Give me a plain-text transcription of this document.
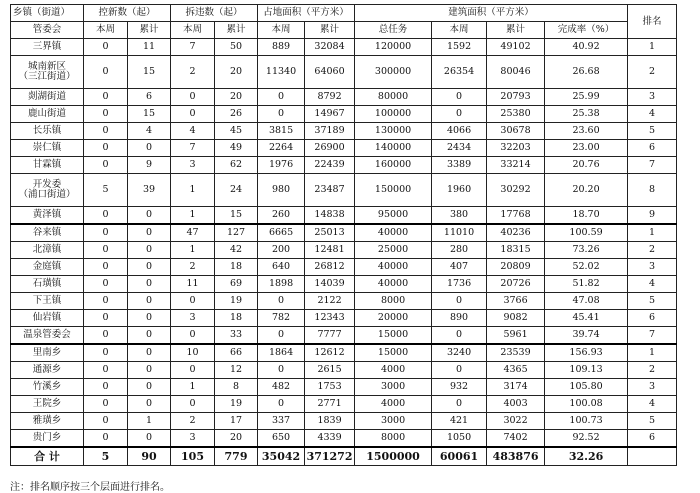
乡镇（街道）	控新数（起）		拆违数（起）		占地面积（平方米）		建筑面积（平方米）				排名
管委会	本周	累计	本周	累计	本周	累计	总任务	本周	累计	完成率（%）	
三界镇	0	11	7	50	889	32084	120000	1592	49102	40.92	1
城南新区
（三江街道）	0	15	2	20	11340	64060	300000	26354	80046	26.68	2
剡湖街道	0	6	0	20	0	8792	80000	0	20793	25.99	3
鹿山街道	0	15	0	26	0	14967	100000	0	25380	25.38	4
长乐镇	0	4	4	45	3815	37189	130000	4066	30678	23.60	5
崇仁镇	0	0	7	49	2264	26900	140000	2434	32203	23.00	6
甘霖镇	0	9	3	62	1976	22439	160000	3389	33214	20.76	7
开发委
（浦口街道）	5	39	1	24	980	23487	150000	1960	30292	20.20	8
黄泽镇	0	0	1	15	260	14838	95000	380	17768	18.70	9
谷来镇	0	0	47	127	6665	25013	40000	11010	40236	100.59	1
北漳镇	0	0	1	42	200	12481	25000	280	18315	73.26	2
金庭镇	0	0	2	18	640	26812	40000	407	20809	52.02	3
石璜镇	0	0	11	69	1898	14039	40000	1736	20726	51.82	4
下王镇	0	0	0	19	0	2122	8000	0	3766	47.08	5
仙岩镇	0	0	3	18	782	12343	20000	890	9082	45.41	6
温泉管委会	0	0	0	33	0	7777	15000	0	5961	39.74	7
里南乡	0	0	10	66	1864	12612	15000	3240	23539	156.93	1
通源乡	0	0	0	12	0	2615	4000	0	4365	109.13	2
竹溪乡	0	0	1	8	482	1753	3000	932	3174	105.80	3
王院乡	0	0	0	19	0	2771	4000	0	4003	100.08	4
雅璜乡	0	1	2	17	337	1839	3000	421	3022	100.73	5
贵门乡	0	0	3	20	650	4339	8000	1050	7402	92.52	6
合 计	5	90	105	779	35042	371272	1500000	60061	483876	32.26	
注：排名顺序按三个层面进行排名。
